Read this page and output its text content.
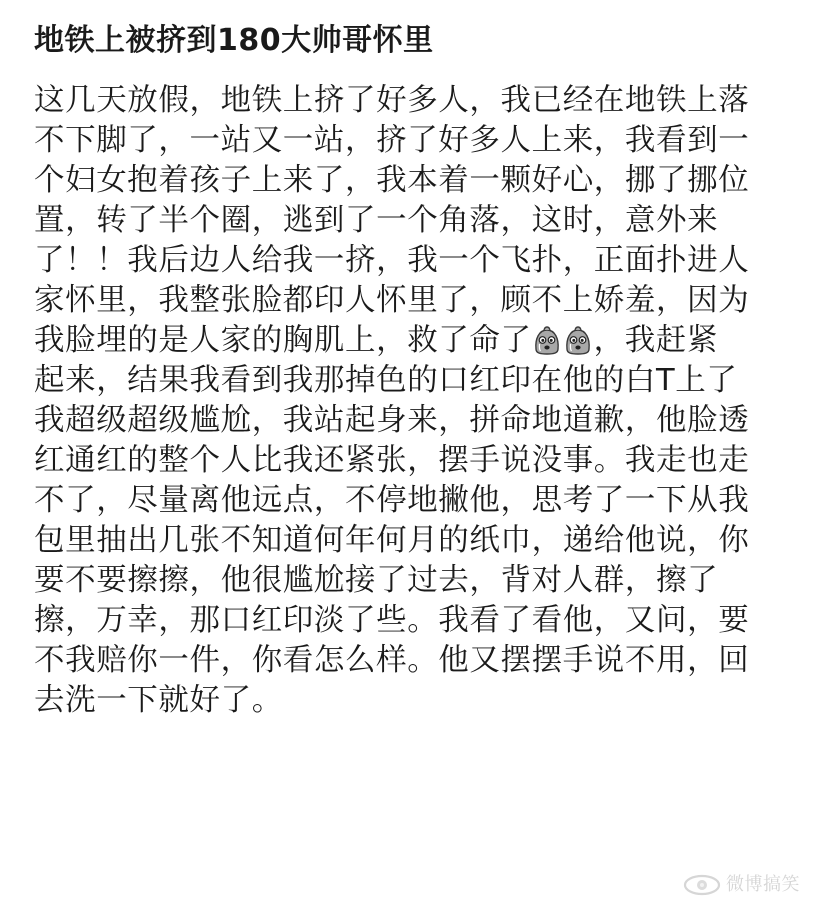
地铁上被挤到180大帅哥怀里
这几天放假，地铁上挤了好多人，我已经在地铁上落
不下脚了，一站又一站，挤了好多人上来，我看到一
个妇女抱着孩子上来了，我本着一颗好心，挪了挪位
置，转了半个圈，逃到了一个角落，这时，意外来
了！！我后边人给我一挤，我一个飞扑，正面扑进人
家怀里，我整张脸都印人怀里了，顾不上娇羞，因为
我脸埋的是人家的胸肌上，救了命了 ，我赶紧
起来，结果我看到我那掉色的口红印在他的白T上了
我超级超级尴尬，我站起身来，拼命地道歉，他脸透
红通红的整个人比我还紧张，摆手说没事。我走也走
不了，尽量离他远点，不停地撇他，思考了一下从我
包里抽出几张不知道何年何月的纸巾，递给他说，你
要不要擦擦，他很尴尬接了过去，背对人群，擦了
擦，万幸，那口红印淡了些。我看了看他，又问，要
不我赔你一件，你看怎么样。他又摆摆手说不用，回
去洗一下就好了。
微博搞笑
